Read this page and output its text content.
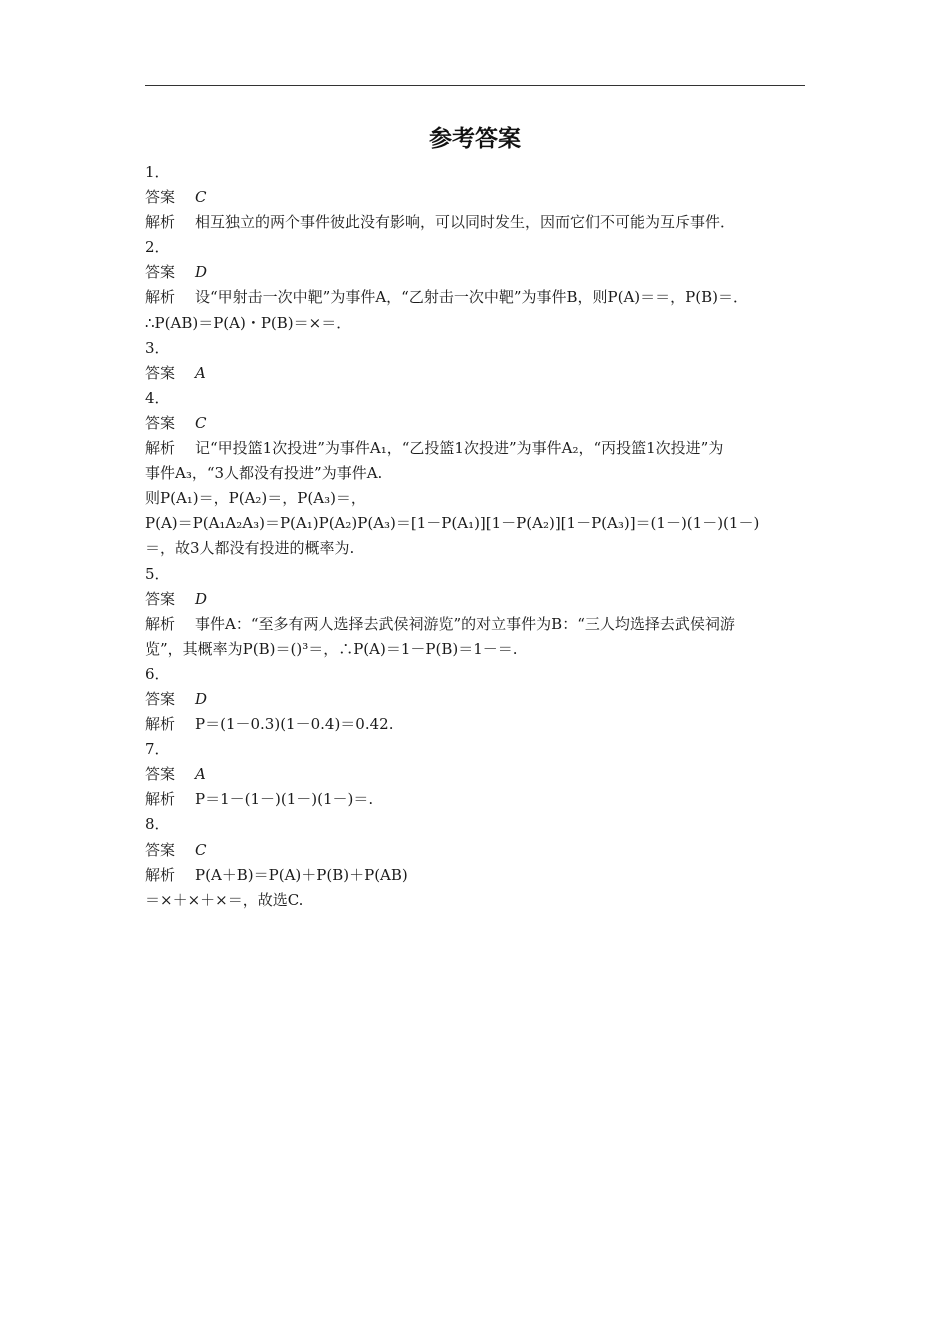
参考答案
1．
答案 C
解析 相互独立的两个事件彼此没有影响，可以同时发生，因而它们不可能为互斥事件．
2．
答案 D
解析 设“甲射击一次中靶”为事件A，“乙射击一次中靶”为事件B，则P(A)＝＝，P(B)＝．
∴P(AB)＝P(A)・P(B)＝×＝．
3．
答案 A
4．
答案 C
解析 记“甲投篮1次投进”为事件A₁，“乙投篮1次投进”为事件A₂，“丙投篮1次投进”为
事件A₃，“3人都没有投进”为事件A.
则P(A₁)＝，P(A₂)＝，P(A₃)＝，
P(A)＝P(A₁A₂A₃)＝P(A₁)P(A₂)P(A₃)＝[1－P(A₁)][1－P(A₂)][1－P(A₃)]＝(1－)(1－)(1－)
＝，故3人都没有投进的概率为.
5．
答案 D
解析 事件A：“至多有两人选择去武侯祠游览”的对立事件为B：“三人均选择去武侯祠游
览”，其概率为P(B)＝()³＝，∴P(A)＝1－P(B)＝1－＝.
6．
答案 D
解析 P＝(1－0.3)(1－0.4)＝0.42.
7．
答案 A
解析 P＝1－(1－)(1－)(1－)＝.
8．
答案 C
解析 P(A＋B)＝P(A)＋P(B)＋P(AB)
＝×＋×＋×＝，故选C.
